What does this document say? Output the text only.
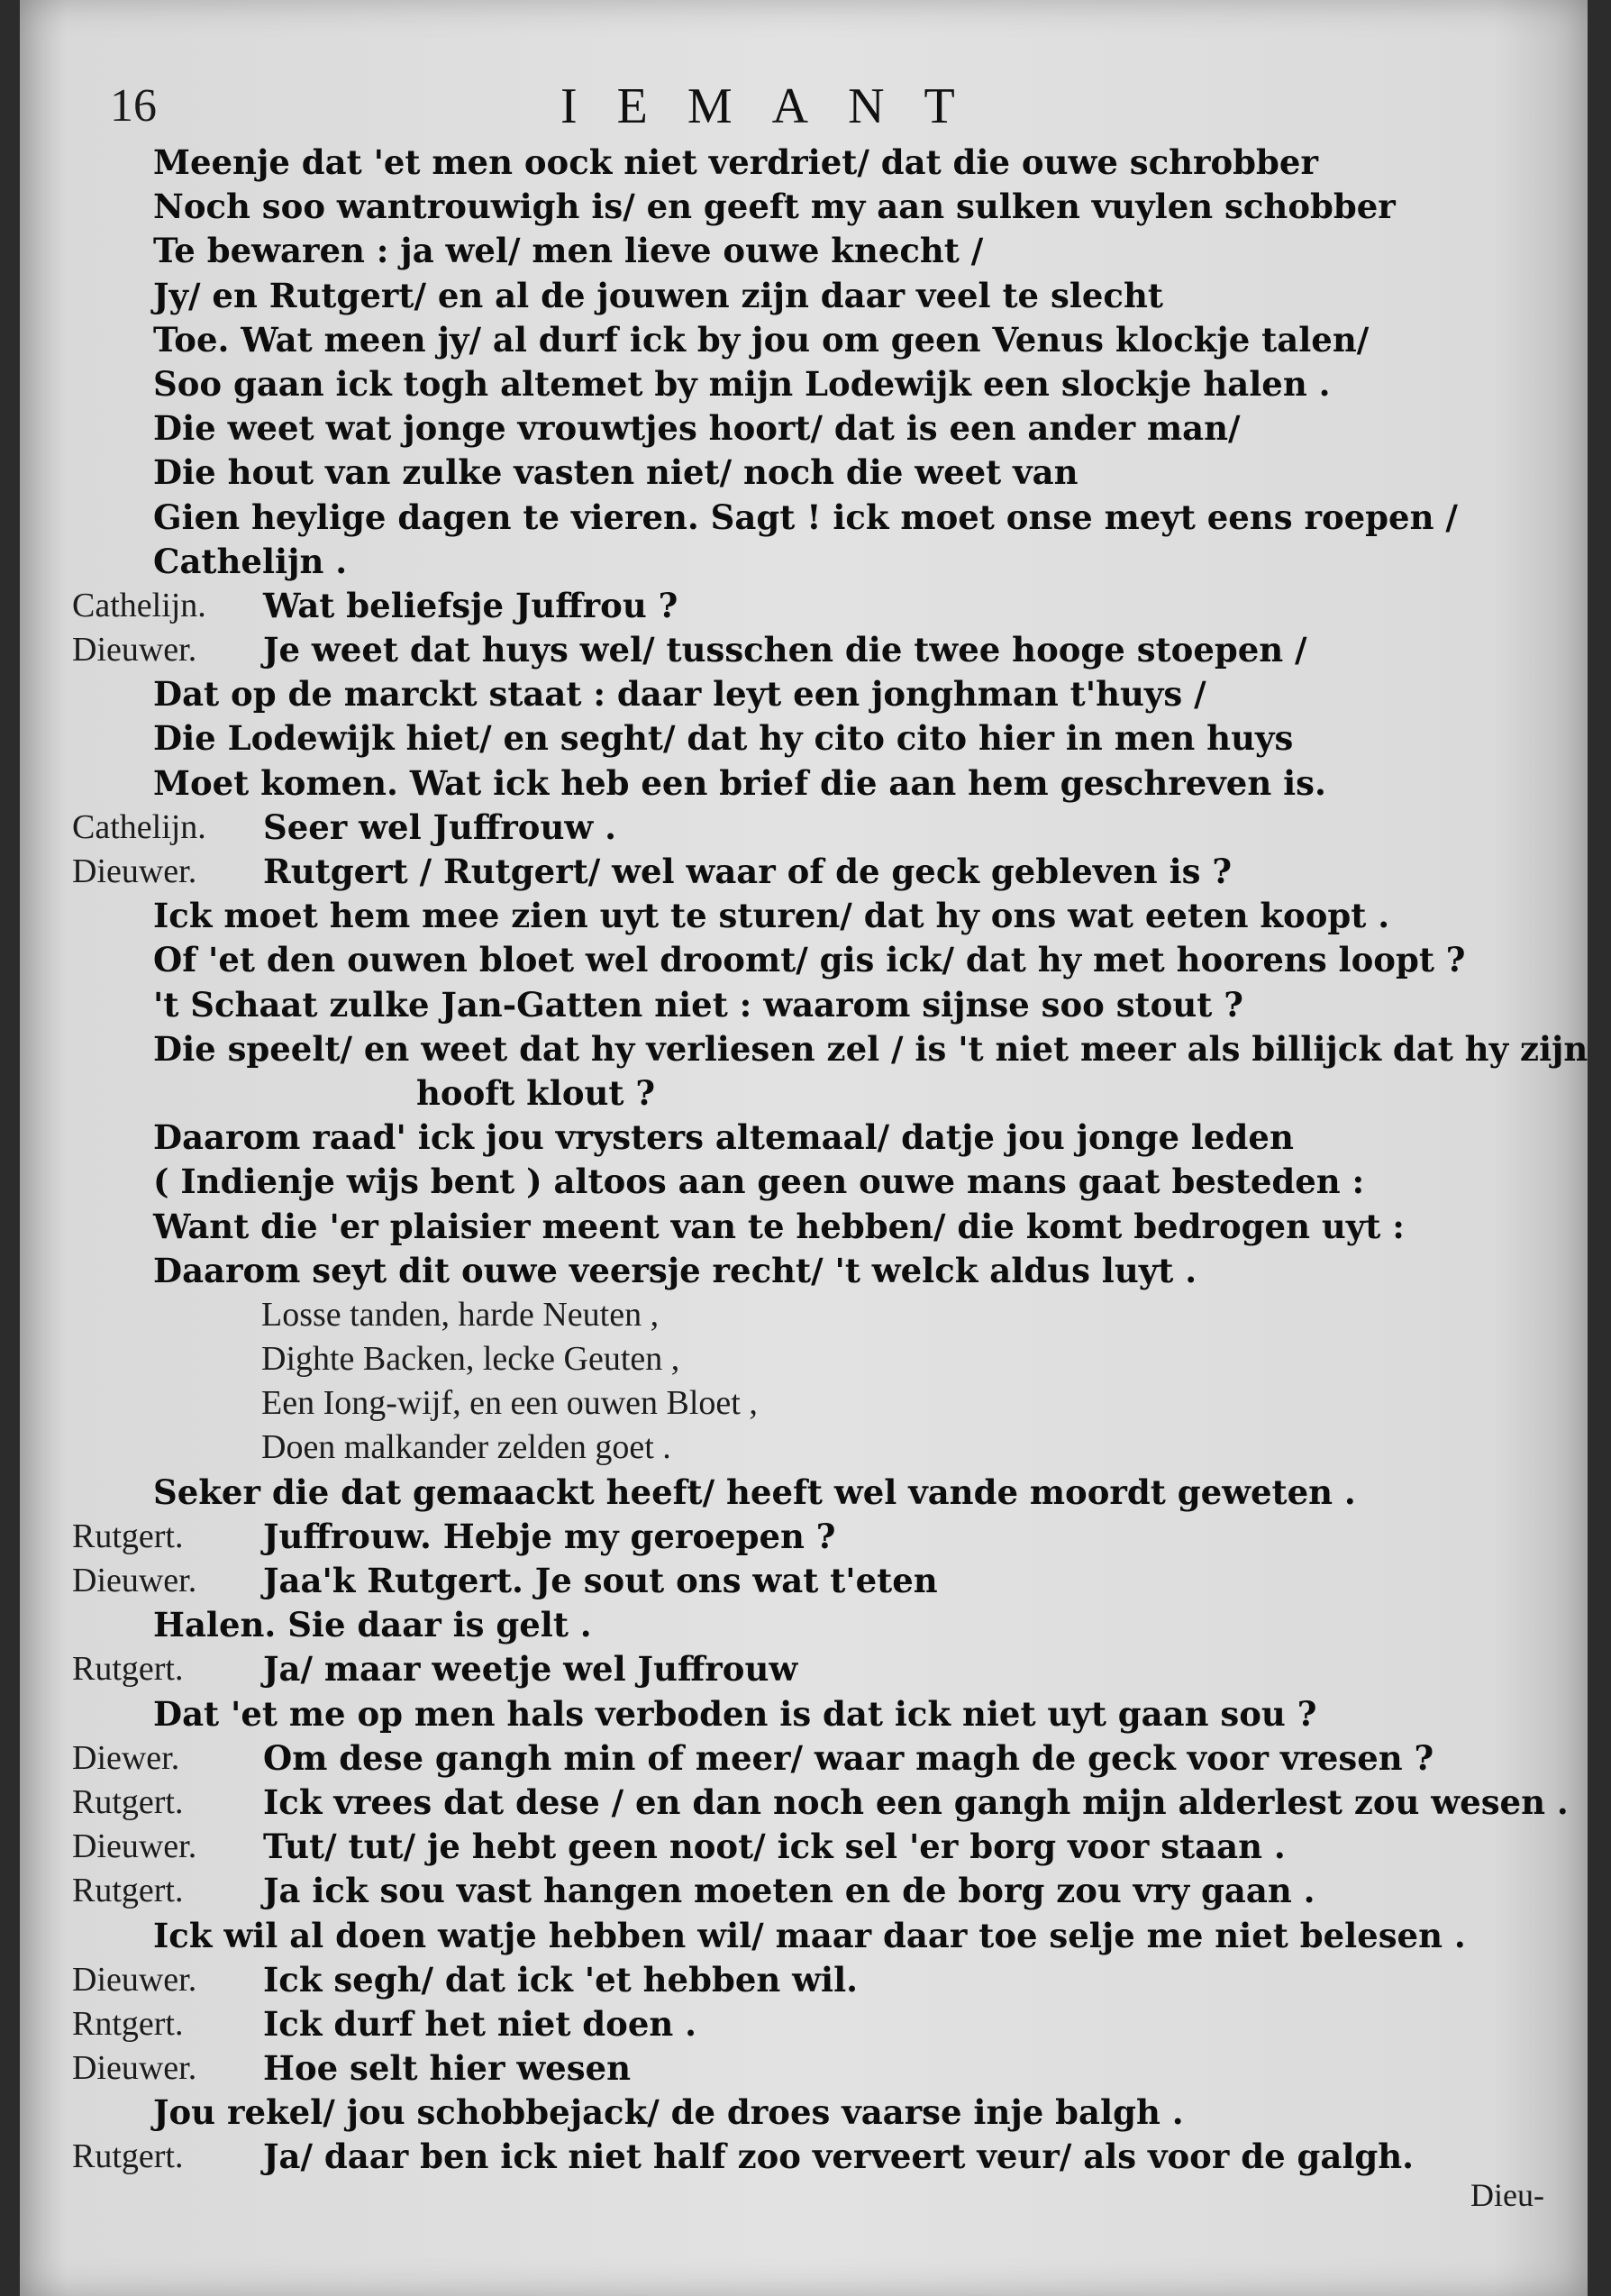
16	IEMANT
Meenje dat 'et men oock niet verdriet/ dat die ouwe schrobber
Noch soo wantrouwigh is/ en geeft my aan sulken vuylen schobber
Te bewaren : ja wel/ men lieve ouwe knecht /
Jy/ en Rutgert/ en al de jouwen zijn daar veel te slecht
Toe. Wat meen jy/ al durf ick by jou om geen Venus klockje talen/
Soo gaan ick togh altemet by mijn Lodewijk een slockje halen .
Die weet wat jonge vrouwtjes hoort/ dat is een ander man/
Die hout van zulke vasten niet/ noch die weet van
Gien heylige dagen te vieren. Sagt ! ick moet onse meyt eens roepen /
Cathelijn .
Cathelijn. Wat beliefsje Juffrou ?
Dieuwer. Je weet dat huys wel/ tusschen die twee hooge stoepen /
Dat op de marckt staat : daar leyt een jonghman t'huys /
Die Lodewijk hiet/ en seght/ dat hy cito cito hier in men huys
Moet komen. Wat ick heb een brief die aan hem geschreven is.
Cathelijn. Seer wel Juffrouw .
Dieuwer. Rutgert / Rutgert/ wel waar of de geck gebleven is ?
Ick moet hem mee zien uyt te sturen/ dat hy ons wat eeten koopt .
Of 'et den ouwen bloet wel droomt/ gis ick/ dat hy met hoorens loopt ?
't Schaat zulke Jan-Gatten niet : waarom sijnse soo stout ?
Die speelt/ en weet dat hy verliesen zel / is 't niet meer als billijck dat hy zijn
hooft klout ?
Daarom raad' ick jou vrysters altemaal/ datje jou jonge leden
( Indienje wijs bent ) altoos aan geen ouwe mans gaat besteden :
Want die 'er plaisier meent van te hebben/ die komt bedrogen uyt :
Daarom seyt dit ouwe veersje recht/ 't welck aldus luyt .
Losse tanden, harde Neuten ,
Dighte Backen, lecke Geuten ,
Een Iong-wijf, en een ouwen Bloet ,
Doen malkander zelden goet .
Seker die dat gemaackt heeft/ heeft wel vande moordt geweten .
Rutgert. Juffrouw. Hebje my geroepen ?
Dieuwer. Jaa'k Rutgert. Je sout ons wat t'eten
Halen. Sie daar is gelt .
Rutgert. Ja/ maar weetje wel Juffrouw
Dat 'et me op men hals verboden is dat ick niet uyt gaan sou ?
Diewer.	Om dese gangh min of meer/ waar magh de geck voor vresen ?
Rutgert. Ick vrees dat dese / en dan noch een gangh mijn alderlest zou wesen .
Dieuwer. Tut/ tut/ je hebt geen noot/ ick sel 'er borg voor staan .
Rutgert. Ja ick sou vast hangen moeten en de borg zou vry gaan .
Ick wil al doen watje hebben wil/ maar daar toe selje me niet belesen .
Dieuwer. Ick segh/ dat ick 'et hebben wil.
Rntgert. Ick durf het niet doen .
Dieuwer. Hoe selt hier wesen
Jou rekel/ jou schobbejack/ de droes vaarse inje balgh .
Rutgert. Ja/ daar ben ick niet half zoo verveert veur/ als voor de galgh.
Dieu-
